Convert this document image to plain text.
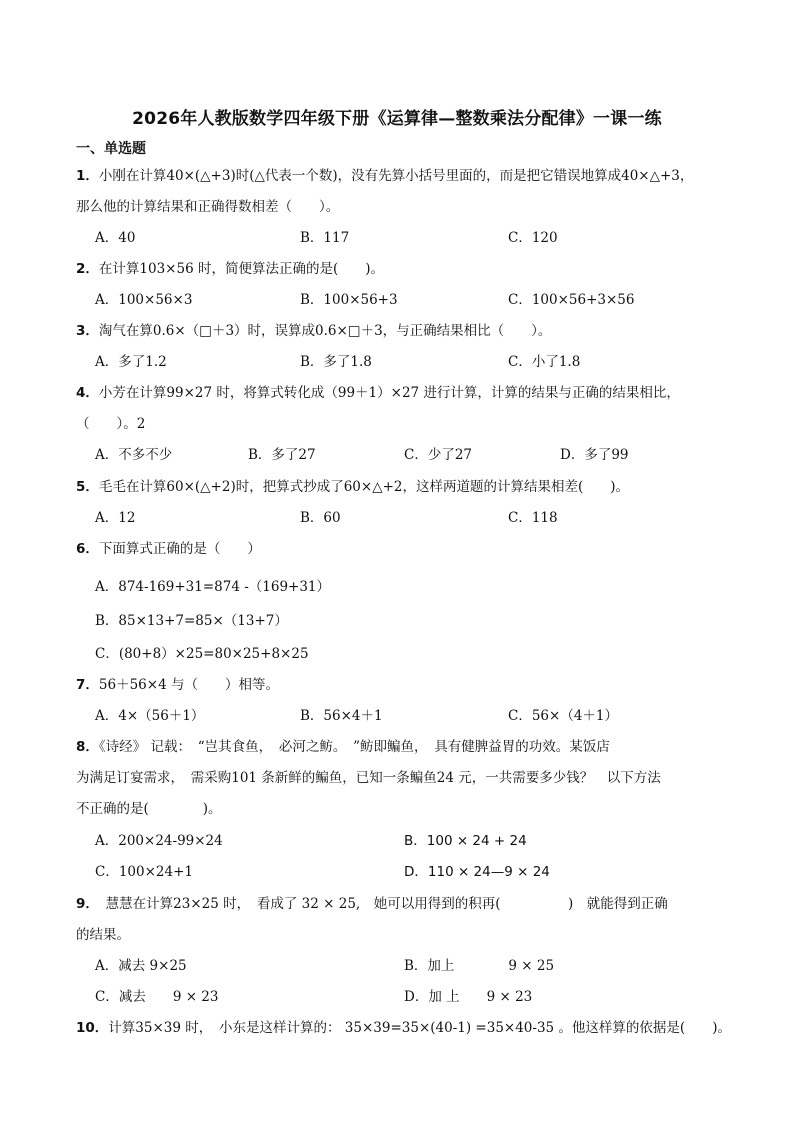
2026年人教版数学四年级下册《运算律—整数乘法分配律》一课一练
一、单选题
1．小刚在计算40×(△+3)时(△代表一个数)，没有先算小括号里面的，而是把它错误地算成40×△+3，
那么他的计算结果和正确得数相差（　　）。
A．40	B．117	C．120
2．在计算103×56 时，简便算法正确的是(　　)。
A．100×56×3	B．100×56+3	C．100×56+3×56
3．淘气在算0.6×（□＋3）时，误算成0.6×□＋3，与正确结果相比（　　）。
A．多了1.2	B．多了1.8	C．小了1.8
4．小芳在计算99×27 时，将算式转化成（99＋1）×27 进行计算，计算的结果与正确的结果相比，
（　　）。2
A．不多不少	B．多了27	C．少了27	D．多了99
5．毛毛在计算60×(△+2)时，把算式抄成了60×△+2，这样两道题的计算结果相差(　　)。
A．12	B．60	C．118
6．下面算式正确的是（　　）
A．874-169+31=874 -（169+31）
B．85×13+7=85×（13+7）
C．(80+8）×25=80×25+8×25
7．56＋56×4 与（　　）相等。
A．4×（56＋1）	B．56×4＋1	C．56×（4＋1）
8．《诗经》 记载：　“岂其食鱼，　必河之鲂。　”鲂即鳊鱼，　具有健脾益胃的功效。某饭店
为满足订宴需求，　需采购101 条新鲜的鳊鱼，已知一条鳊鱼24 元，一共需要多少钱？　以下方法
不正确的是(　　　　)。
A．200×24-99×24	B．100 × 24 + 24
C．100×24+1	D．110 × 24—9 × 24
9．　慧慧在计算23×25 时，　看成了 32 × 25,　她可以用得到的积再(　　　　　)　就能得到正确
的结果。
A．减去 9×25	B．加上　　　　9 × 25
C．减去　　9 × 23	D．加 上　　9 × 23
10．计算35×39 时，　小东是这样计算的： 35×39=35×(40-1) =35×40-35 。他这样算的依据是(　　)。
